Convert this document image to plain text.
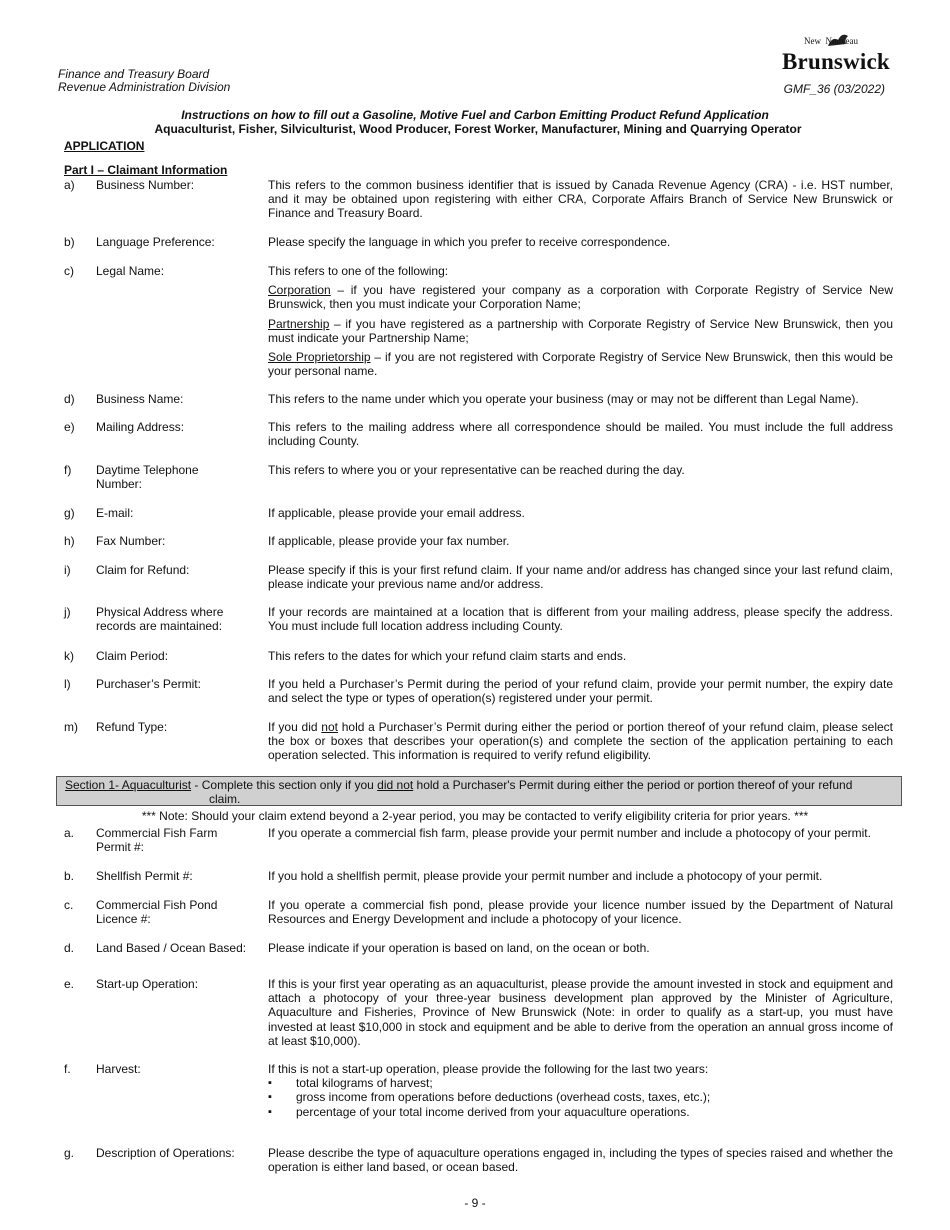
Finance and Treasury Board
Revenue Administration Division
New  Nouveau
Brunswick
GMF_36 (03/2022)
Instructions on how to fill out a Gasoline, Motive Fuel and Carbon Emitting Product Refund Application
Aquaculturist, Fisher, Silviculturist, Wood Producer, Forest Worker, Manufacturer, Mining and Quarrying Operator
APPLICATION
Part I – Claimant Information
a) Business Number:	This refers to the common business identifier that is issued by Canada Revenue Agency (CRA) - i.e. HST number, and it may be obtained upon registering with either CRA, Corporate Affairs Branch of Service New Brunswick or Finance and Treasury Board.
b) Language Preference:	Please specify the language in which you prefer to receive correspondence.
c) Legal Name:	This refers to one of the following:

Corporation – if you have registered your company as a corporation with Corporate Registry of Service New Brunswick, then you must indicate your Corporation Name;

Partnership – if you have registered as a partnership with Corporate Registry of Service New Brunswick, then you must indicate your Partnership Name;

Sole Proprietorship – if you are not registered with Corporate Registry of Service New Brunswick, then this would be your personal name.

d) Business Name:	This refers to the name under which you operate your business (may or may not be different than Legal Name).
e) Mailing Address:	This refers to the mailing address where all correspondence should be mailed. You must include the full address including County.
f) Daytime Telephone Number:
This refers to where you or your representative can be reached during the day.
g) E-mail:	If applicable, please provide your email address.
h) Fax Number:	If applicable, please provide your fax number.
i) Claim for Refund:	Please specify if this is your first refund claim. If your name and/or address has changed since your last refund claim, please indicate your previous name and/or address.
j) Physical Address where records are maintained:
If your records are maintained at a location that is different from your mailing address, please specify the address. You must include full location address including County.
k) Claim Period:	This refers to the dates for which your refund claim starts and ends.
l) Purchaser’s Permit:	If you held a Purchaser’s Permit during the period of your refund claim, provide your permit number, the expiry date and select the type or types of operation(s) registered under your permit.
m) Refund Type:	If you did not hold a Purchaser’s Permit during either the period or portion thereof of your refund claim, please select the box or boxes that describes your operation(s) and complete the section of the application pertaining to each operation selected. This information is required to verify refund eligibility.
Section 1- Aquaculturist - Complete this section only if you did not hold a Purchaser's Permit during either the period or portion thereof of your refund
claim.
*** Note: Should your claim extend beyond a 2-year period, you may be contacted to verify eligibility criteria for prior years. ***
a. Commercial Fish Farm Permit #:
If you operate a commercial fish farm, please provide your permit number and include a photocopy of your permit.
b. Shellfish Permit #:	If you hold a shellfish permit, please provide your permit number and include a photocopy of your permit.
c. Commercial Fish Pond Licence #:
If you operate a commercial fish pond, please provide your licence number issued by the Department of Natural Resources and Energy Development and include a photocopy of your licence.
d. Land Based / Ocean Based:	Please indicate if your operation is based on land, on the ocean or both.
e. Start-up Operation:	If this is your first year operating as an aquaculturist, please provide the amount invested in stock and equipment and attach a photocopy of your three-year business development plan approved by the Minister of Agriculture, Aquaculture and Fisheries, Province of New Brunswick (Note: in order to qualify as a start-up, you must have invested at least $10,000 in stock and equipment and be able to derive from the operation an annual gross income of at least $10,000).
f. Harvest:	If this is not a start-up operation, please provide the following for the last two years:
▪ total kilograms of harvest;
▪ gross income from operations before deductions (overhead costs, taxes, etc.);
▪ percentage of your total income derived from your aquaculture operations.
g. Description of Operations:	Please describe the type of aquaculture operations engaged in, including the types of species raised and whether the operation is either land based, or ocean based.
- 9 -
